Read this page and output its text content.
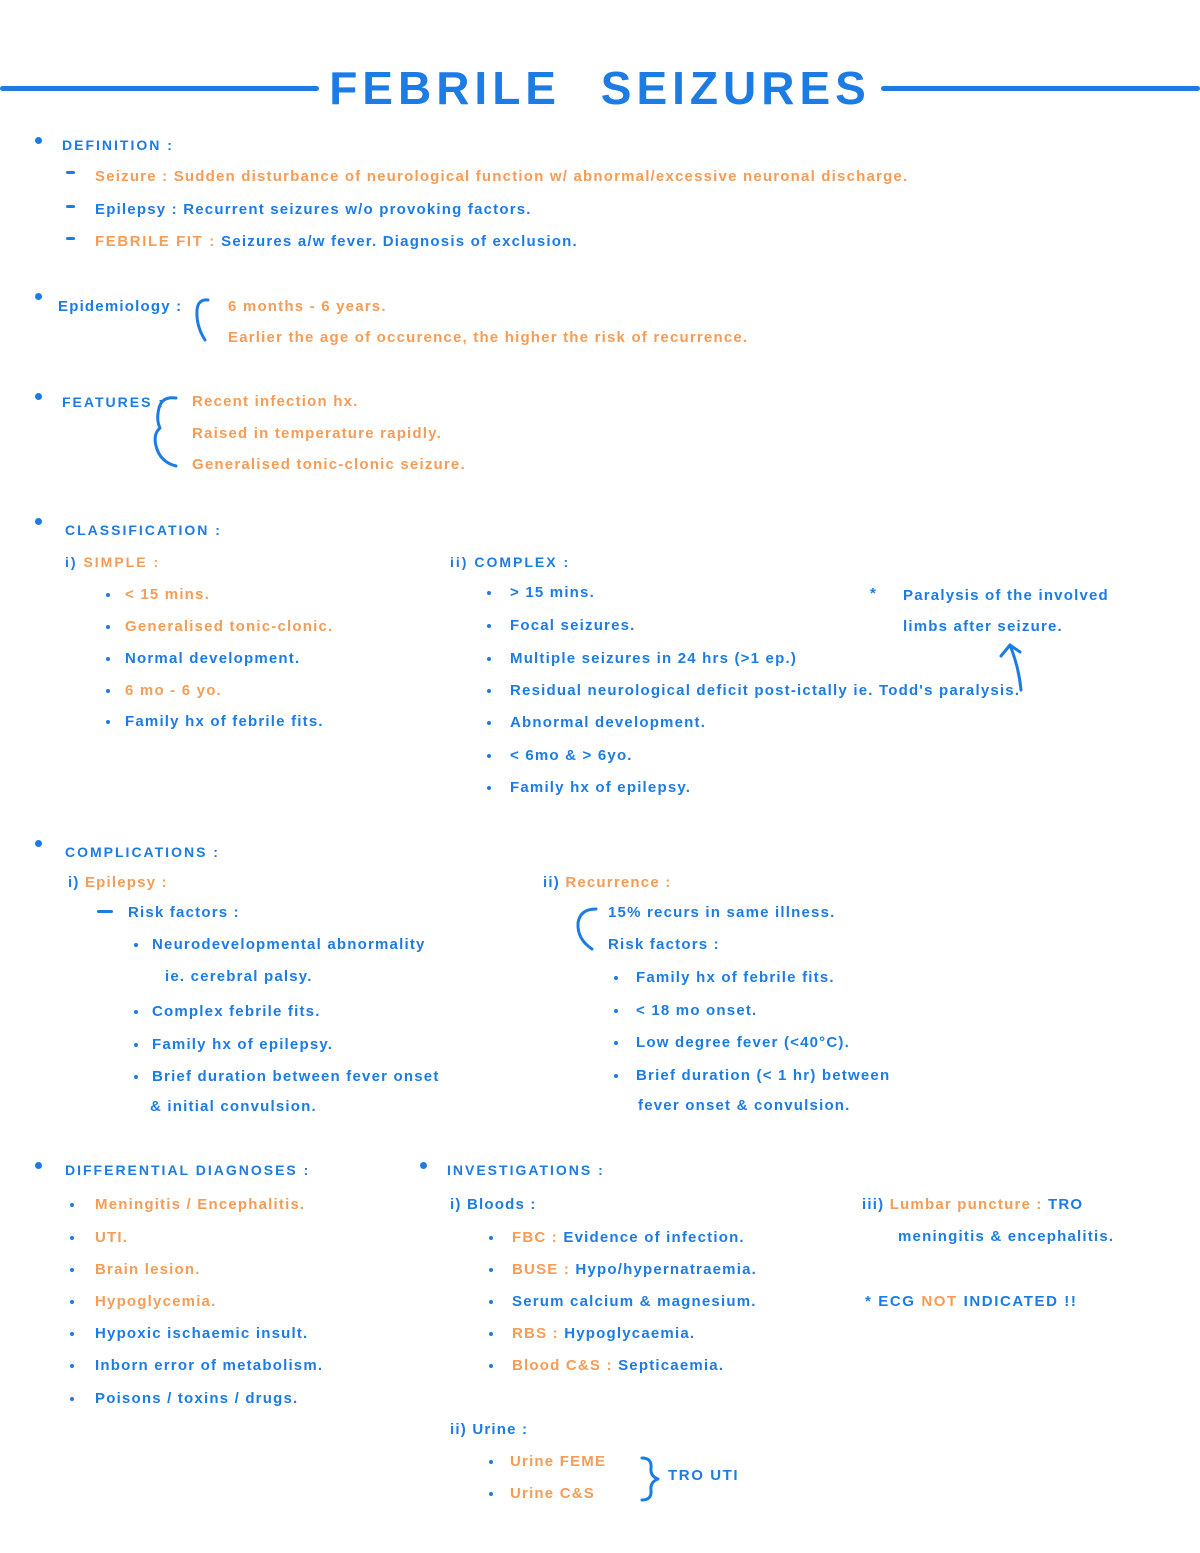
FEBRILE SEIZURES
DEFINITION :
Seizure : Sudden disturbance of neurological function w/ abnormal/excessive neuronal discharge.
Epilepsy : Recurrent seizures w/o provoking factors.
FEBRILE FIT : Seizures a/w fever. Diagnosis of exclusion.
Epidemiology :	6 months - 6 years.
Earlier the age of occurence, the higher the risk of recurrence.
FEATURES : Recent infection hx.
Raised in temperature rapidly.
Generalised tonic-clonic seizure.
CLASSIFICATION :
i) SIMPLE :
< 15 mins.
Generalised tonic-clonic.
Normal development.
6 mo - 6 yo.
Family hx of febrile fits.
ii) COMPLEX :
> 15 mins.
Focal seizures.
Multiple seizures in 24 hrs (>1 ep.)
Residual neurological deficit post-ictally ie. Todd's paralysis.
Abnormal development.
< 6mo & > 6yo.
Family hx of epilepsy.
* Paralysis of the involved
limbs after seizure.
COMPLICATIONS :
i) Epilepsy :
Risk factors :
Neurodevelopmental abnormality
ie. cerebral palsy.
Complex febrile fits.
Family hx of epilepsy.
Brief duration between fever onset
& initial convulsion.
ii) Recurrence :
15% recurs in same illness.
Risk factors :
Family hx of febrile fits.
< 18 mo onset.
Low degree fever (<40°C).
Brief duration (< 1 hr) between
fever onset & convulsion.
DIFFERENTIAL DIAGNOSES :
Meningitis / Encephalitis.
UTI.
Brain lesion.
Hypoglycemia.
Hypoxic ischaemic insult.
Inborn error of metabolism.
Poisons / toxins / drugs.
INVESTIGATIONS :
i) Bloods :
FBC : Evidence of infection.
BUSE : Hypo/hypernatraemia.
Serum calcium & magnesium.
RBS : Hypoglycaemia.
Blood C&S : Septicaemia.
ii) Urine :
Urine FEME
Urine C&S
TRO UTI
iii) Lumbar puncture : TRO
meningitis & encephalitis.
* ECG NOT INDICATED !!
